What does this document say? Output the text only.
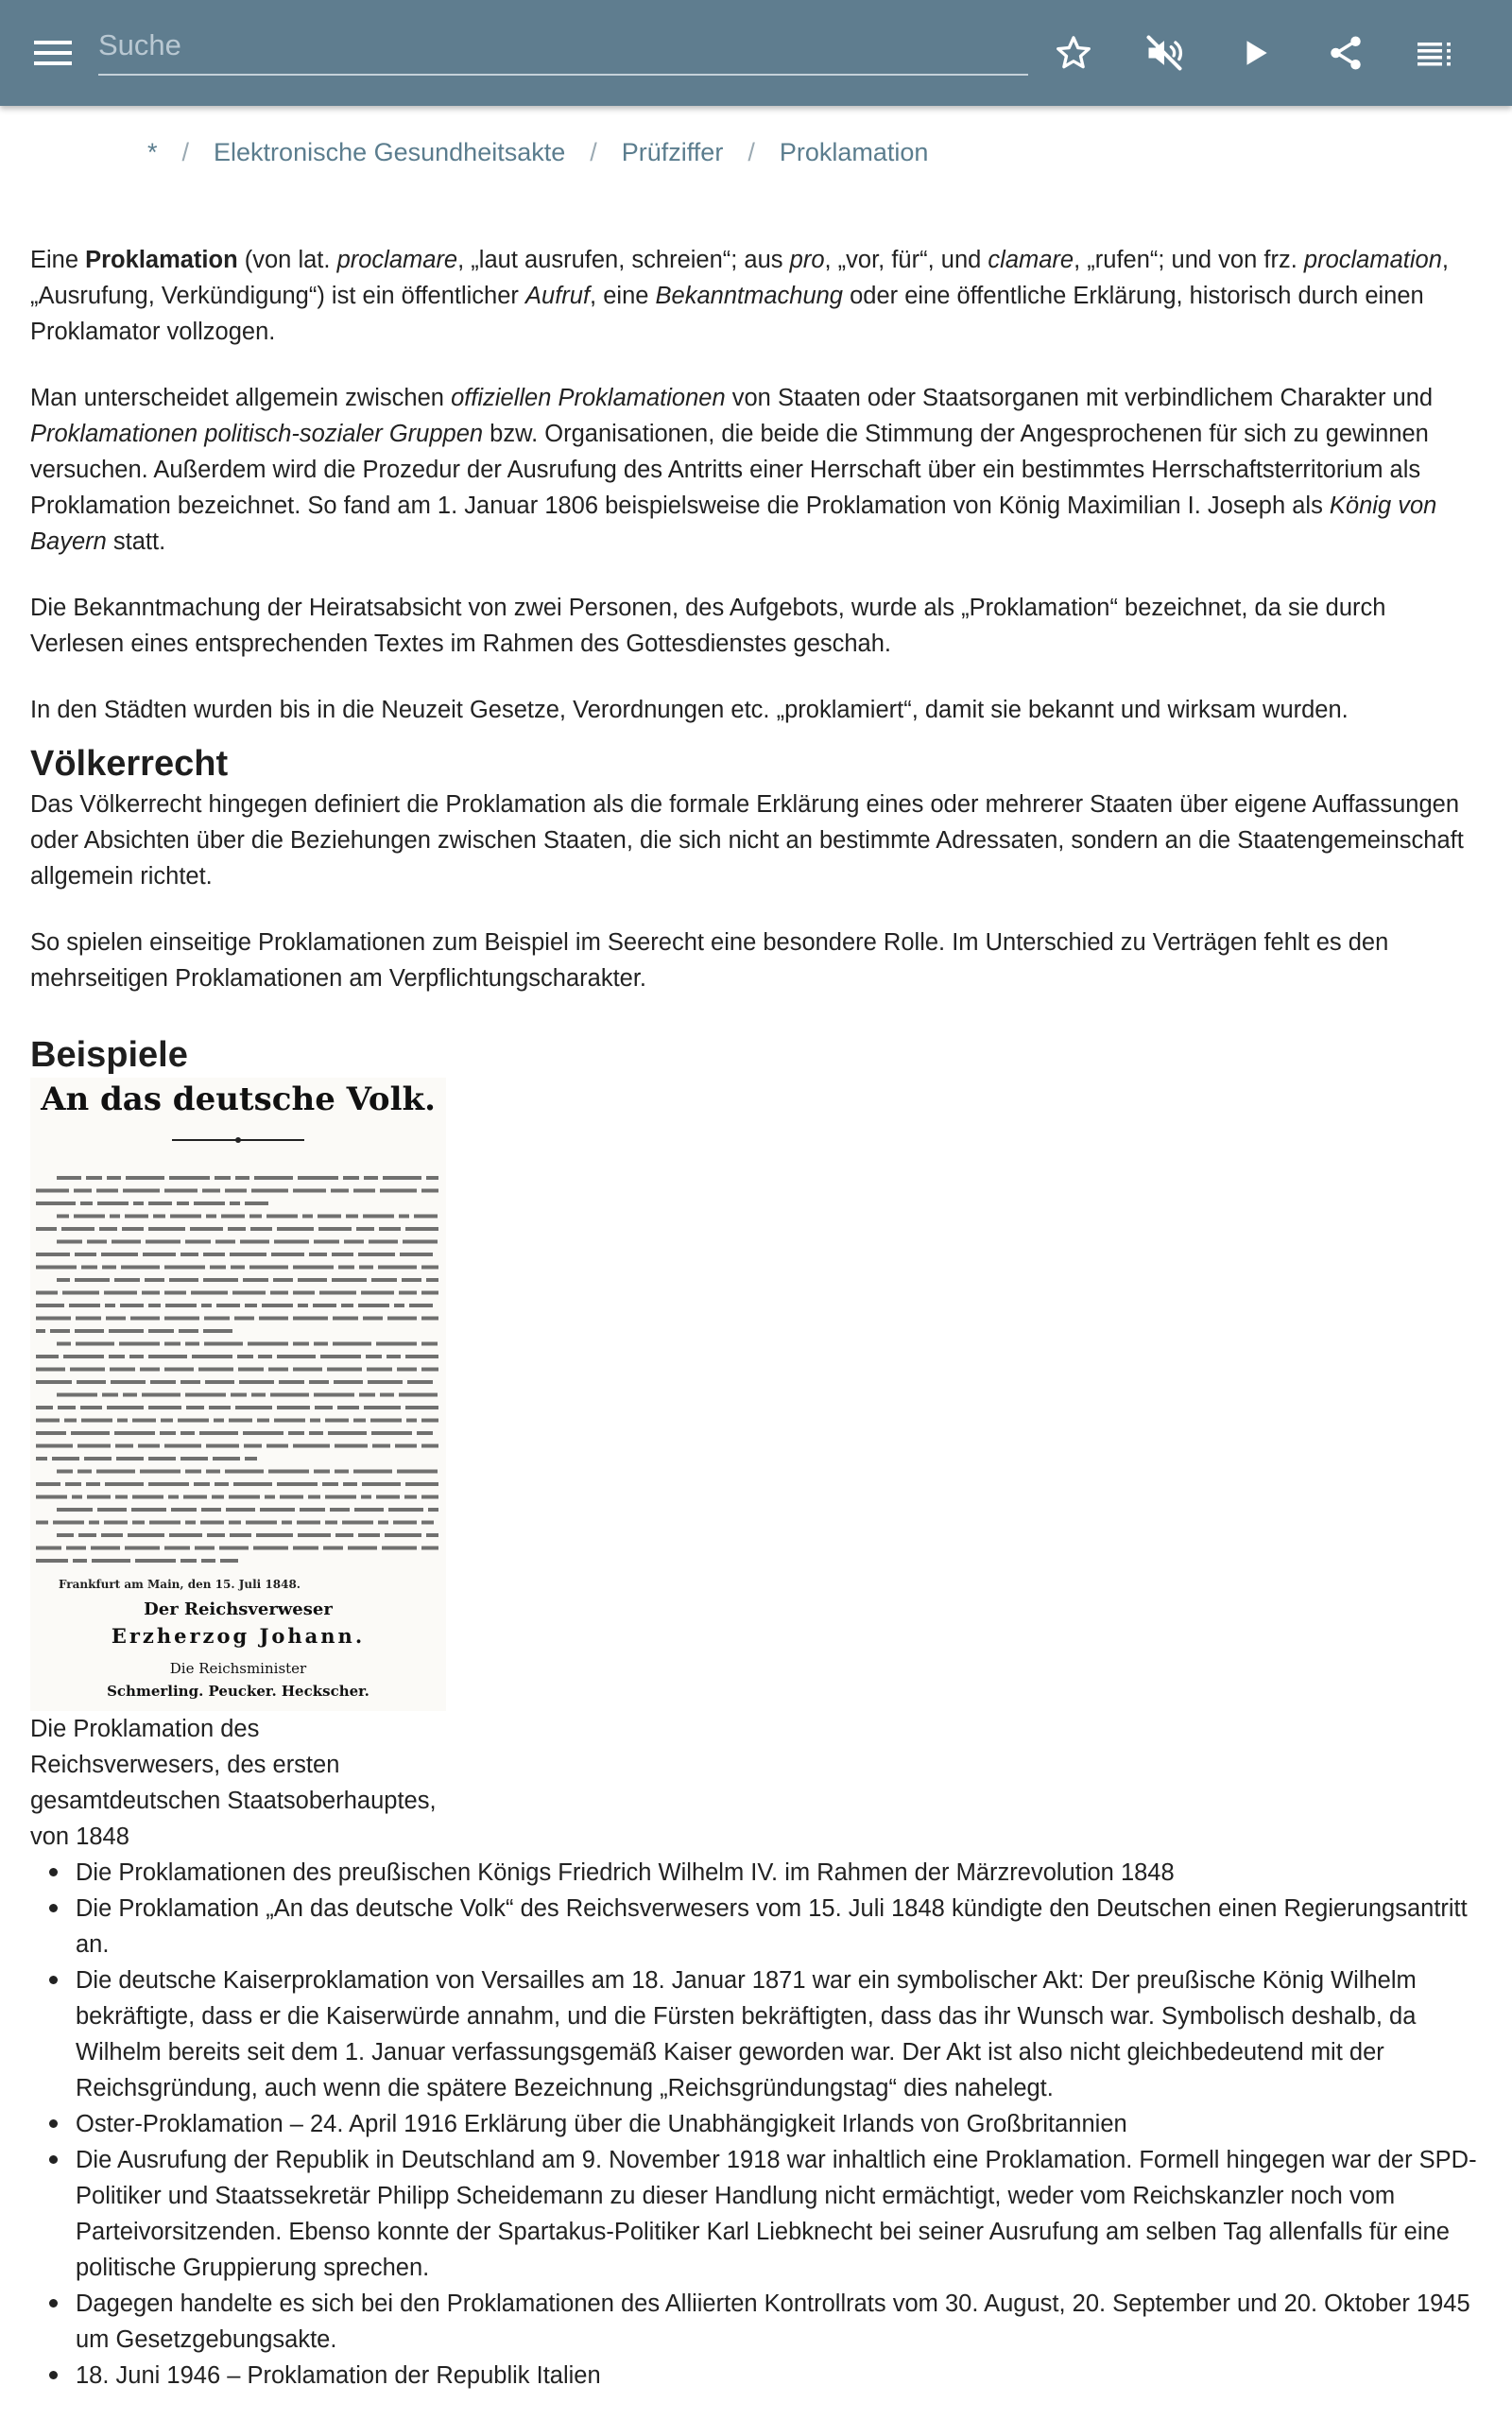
Suche
* / Elektronische Gesundheitsakte / Prüfziffer / Proklamation

Eine Proklamation (von lat. proclamare, „laut ausrufen, schreien“; aus pro, „vor, für“, und clamare, „rufen“; und von frz. proclamation, „Ausrufung, Verkündigung“) ist ein öffentlicher Aufruf, eine Bekanntmachung oder eine öffentliche Erklärung, historisch durch einen Proklamator vollzogen.

Man unterscheidet allgemein zwischen offiziellen Proklamationen von Staaten oder Staatsorganen mit verbindlichem Charakter und Proklamationen politisch-sozialer Gruppen bzw. Organisationen, die beide die Stimmung der Angesprochenen für sich zu gewinnen versuchen. Außerdem wird die Prozedur der Ausrufung des Antritts einer Herrschaft über ein bestimmtes Herrschaftsterritorium als Proklamation bezeichnet. So fand am 1. Januar 1806 beispielsweise die Proklamation von König Maximilian I. Joseph als König von Bayern statt.

Die Bekanntmachung der Heiratsabsicht von zwei Personen, des Aufgebots, wurde als „Proklamation“ bezeichnet, da sie durch Verlesen eines entsprechenden Textes im Rahmen des Gottesdienstes geschah.

In den Städten wurden bis in die Neuzeit Gesetze, Verordnungen etc. „proklamiert“, damit sie bekannt und wirksam wurden.

Völkerrecht

Das Völkerrecht hingegen definiert die Proklamation als die formale Erklärung eines oder mehrerer Staaten über eigene Auffassungen oder Absichten über die Beziehungen zwischen Staaten, die sich nicht an bestimmte Adressaten, sondern an die Staatengemeinschaft allgemein richtet.

So spielen einseitige Proklamationen zum Beispiel im Seerecht eine besondere Rolle. Im Unterschied zu Verträgen fehlt es den mehrseitigen Proklamationen am Verpflichtungscharakter.

Beispiele
An das deutsche Volk.
Frankfurt am Main, den 15. Juli 1848.
Der Reichsverweser
Erzherzog Johann.
Die Reichsminister
Schmerling. Peucker. Heckscher.
Die Proklamation des Reichsverwesers, des ersten gesamtdeutschen Staatsoberhauptes, von 1848
Die Proklamationen des preußischen Königs Friedrich Wilhelm IV. im Rahmen der Märzrevolution 1848
Die Proklamation „An das deutsche Volk“ des Reichsverwesers vom 15. Juli 1848 kündigte den Deutschen einen Regierungsantritt an.
Die deutsche Kaiserproklamation von Versailles am 18. Januar 1871 war ein symbolischer Akt: Der preußische König Wilhelm bekräftigte, dass er die Kaiserwürde annahm, und die Fürsten bekräftigten, dass das ihr Wunsch war. Symbolisch deshalb, da Wilhelm bereits seit dem 1. Januar verfassungsgemäß Kaiser geworden war. Der Akt ist also nicht gleichbedeutend mit der Reichsgründung, auch wenn die spätere Bezeichnung „Reichsgründungstag“ dies nahelegt.
Oster-Proklamation – 24. April 1916 Erklärung über die Unabhängigkeit Irlands von Großbritannien
Die Ausrufung der Republik in Deutschland am 9. November 1918 war inhaltlich eine Proklamation. Formell hingegen war der SPD-Politiker und Staatssekretär Philipp Scheidemann zu dieser Handlung nicht ermächtigt, weder vom Reichskanzler noch vom Parteivorsitzenden. Ebenso konnte der Spartakus-Politiker Karl Liebknecht bei seiner Ausrufung am selben Tag allenfalls für eine politische Gruppierung sprechen.
Dagegen handelte es sich bei den Proklamationen des Alliierten Kontrollrats vom 30. August, 20. September und 20. Oktober 1945 um Gesetzgebungsakte.
18. Juni 1946 – Proklamation der Republik Italien
